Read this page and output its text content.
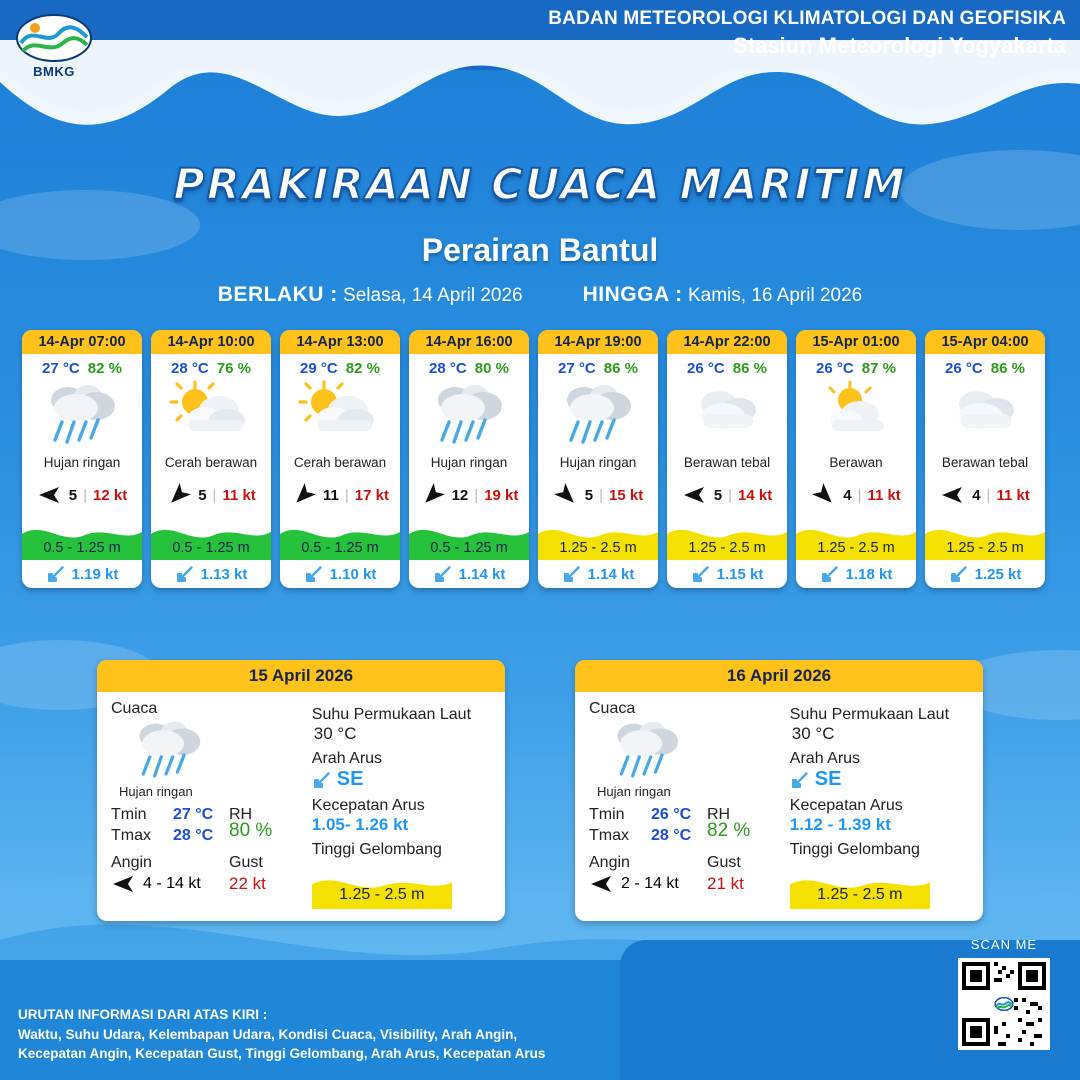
BMKG
BADAN METEOROLOGI KLIMATOLOGI DAN GEOFISIKA
Stasiun Meteorologi Yogyakarta
PRAKIRAAN CUACA MARITIM
Perairan Bantul
BERLAKU : Selasa, 14 April 2026	HINGGA : Kamis, 16 April 2026
14-Apr 07:00
27 °C 82 %
Hujan ringan
5 | 12 kt
0.5 - 1.25 m
1.19 kt
14-Apr 10:00
28 °C 76 %
Cerah berawan
5 | 11 kt
0.5 - 1.25 m
1.13 kt
14-Apr 13:00
29 °C 82 %
Cerah berawan
11 | 17 kt
0.5 - 1.25 m
1.10 kt
14-Apr 16:00
28 °C 80 %
Hujan ringan
12 | 19 kt
0.5 - 1.25 m
1.14 kt
14-Apr 19:00
27 °C 86 %
Hujan ringan
5 | 15 kt
1.25 - 2.5 m
1.14 kt
14-Apr 22:00
26 °C 86 %
Berawan tebal
5 | 14 kt
1.25 - 2.5 m
1.15 kt
15-Apr 01:00
26 °C 87 %
Berawan
4 | 11 kt
1.25 - 2.5 m
1.18 kt
15-Apr 04:00
26 °C 86 %
Berawan tebal
4 | 11 kt
1.25 - 2.5 m
1.25 kt
15 April 2026
Cuaca
Hujan ringan
Tmin	27 °C
Tmax	28 °C
RH
80 %
Angin
4 - 14 kt
Gust
22 kt
Suhu Permukaan Laut
30 °C
Arah Arus
SE
Kecepatan Arus
1.05- 1.26 kt
Tinggi Gelombang
1.25 - 2.5 m
16 April 2026
Cuaca
Hujan ringan
Tmin	26 °C
Tmax	28 °C
RH
82 %
Angin
2 - 14 kt
Gust
21 kt
Suhu Permukaan Laut
30 °C
Arah Arus
SE
Kecepatan Arus
1.12 - 1.39 kt
Tinggi Gelombang
1.25 - 2.5 m
URUTAN INFORMASI DARI ATAS KIRI :
Waktu, Suhu Udara, Kelembapan Udara, Kondisi Cuaca, Visibility, Arah Angin,
Kecepatan Angin, Kecepatan Gust, Tinggi Gelombang, Arah Arus, Kecepatan Arus
SCAN ME
